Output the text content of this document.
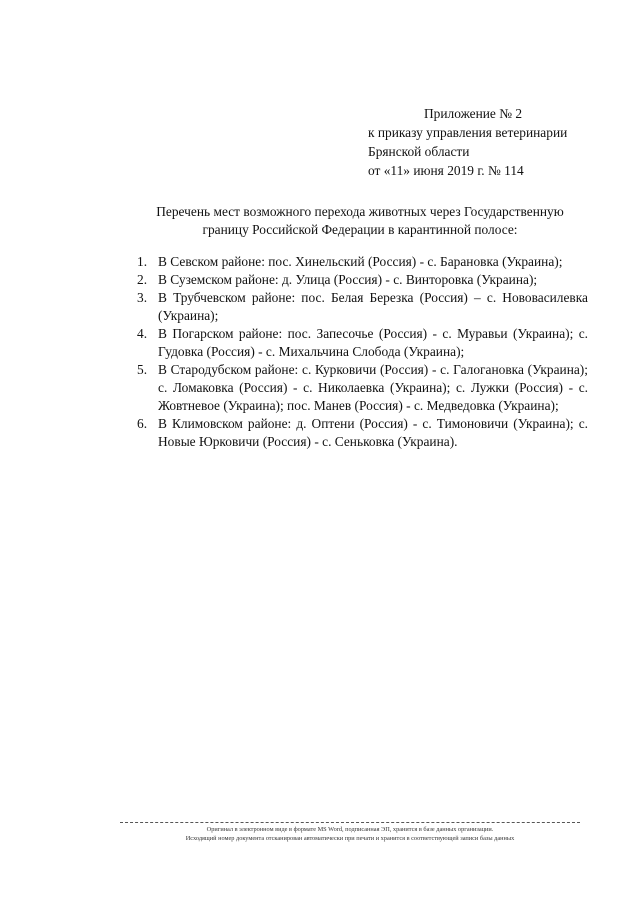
Приложение № 2
к приказу управления ветеринарии
Брянской области
от «11» июня 2019 г. № 114
Перечень мест возможного перехода животных через Государственную
границу Российской Федерации в карантинной полосе:
1. В Севском районе: пос. Хинельский (Россия) - с. Барановка (Украина);
2. В Суземском районе: д. Улица (Россия) - с. Винторовка (Украина);
3. В Трубчевском районе: пос. Белая Березка (Россия) – с. Нововасилевка (Украина);
4. В Погарском районе: пос. Запесочье (Россия) - с. Муравьи (Украина); с. Гудовка (Россия) - с. Михальчина Слобода (Украина);
5. В Стародубском районе: с. Курковичи (Россия) - с. Галогановка (Украина); с. Ломаковка (Россия) - с. Николаевка (Украина); с. Лужки (Россия) - с. Жовтневое (Украина); пос. Манев (Россия) - с. Медведовка (Украина);
6. В Климовском районе: д. Оптени (Россия) - с. Тимоновичи (Украина); с. Новые Юрковичи (Россия) - с. Сеньковка (Украина).
Оригинал в электронном виде в формате MS Word, подписанная ЭП, хранится в базе данных организации.
Исходящий номер документа отсканирован автоматически при печати и хранится в соответствующей записи базы данных
